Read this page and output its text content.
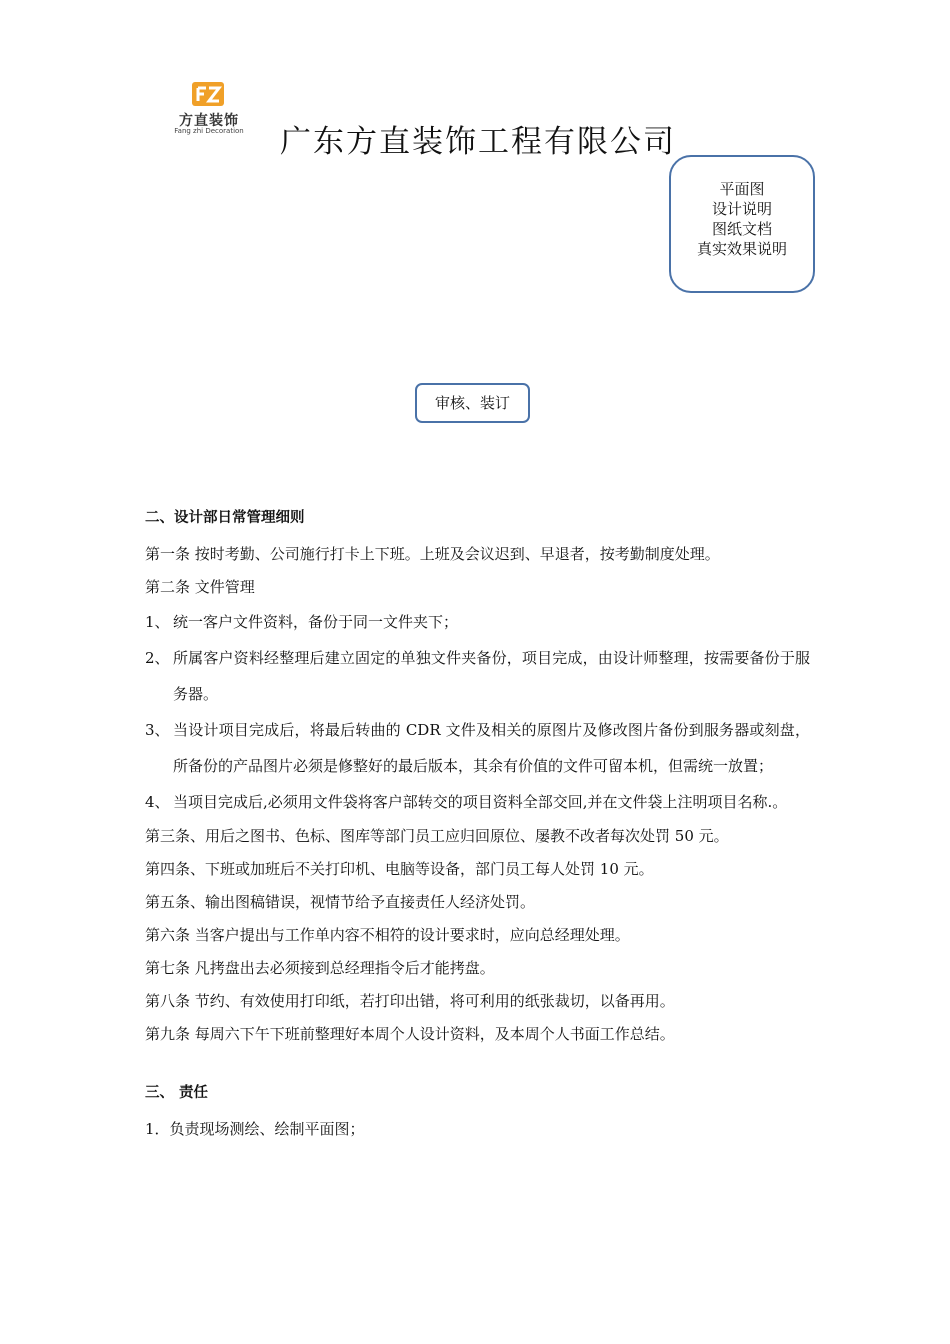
方直装饰
Fang zhi Decoration 广东方直装饰工程有限公司
平面图
设计说明
图纸文档
真实效果说明
审核、装订
二、设计部日常管理细则
第一条 按时考勤、公司施行打卡上下班。上班及会议迟到、早退者，按考勤制度处理。
第二条 文件管理
1、 统一客户文件资料，备份于同一文件夹下；
2、 所属客户资料经整理后建立固定的单独文件夹备份，项目完成，由设计师整理，按需要备份于服务器。
3、 当设计项目完成后，将最后转曲的 CDR 文件及相关的原图片及修改图片备份到服务器或刻盘，所备份的产品图片必须是修整好的最后版本，其余有价值的文件可留本机，但需统一放置；
4、 当项目完成后,必须用文件袋将客户部转交的项目资料全部交回,并在文件袋上注明项目名称.。
第三条、用后之图书、色标、图库等部门员工应归回原位、屡教不改者每次处罚 50 元。
第四条、下班或加班后不关打印机、电脑等设备，部门员工每人处罚 10 元。
第五条、输出图稿错误，视情节给予直接责任人经济处罚。
第六条 当客户提出与工作单内容不相符的设计要求时，应向总经理处理。
第七条 凡拷盘出去必须接到总经理指令后才能拷盘。
第八条 节约、有效使用打印纸，若打印出错，将可利用的纸张裁切，以备再用。
第九条 每周六下午下班前整理好本周个人设计资料，及本周个人书面工作总结。
三、 责任
1．负责现场测绘、绘制平面图；
